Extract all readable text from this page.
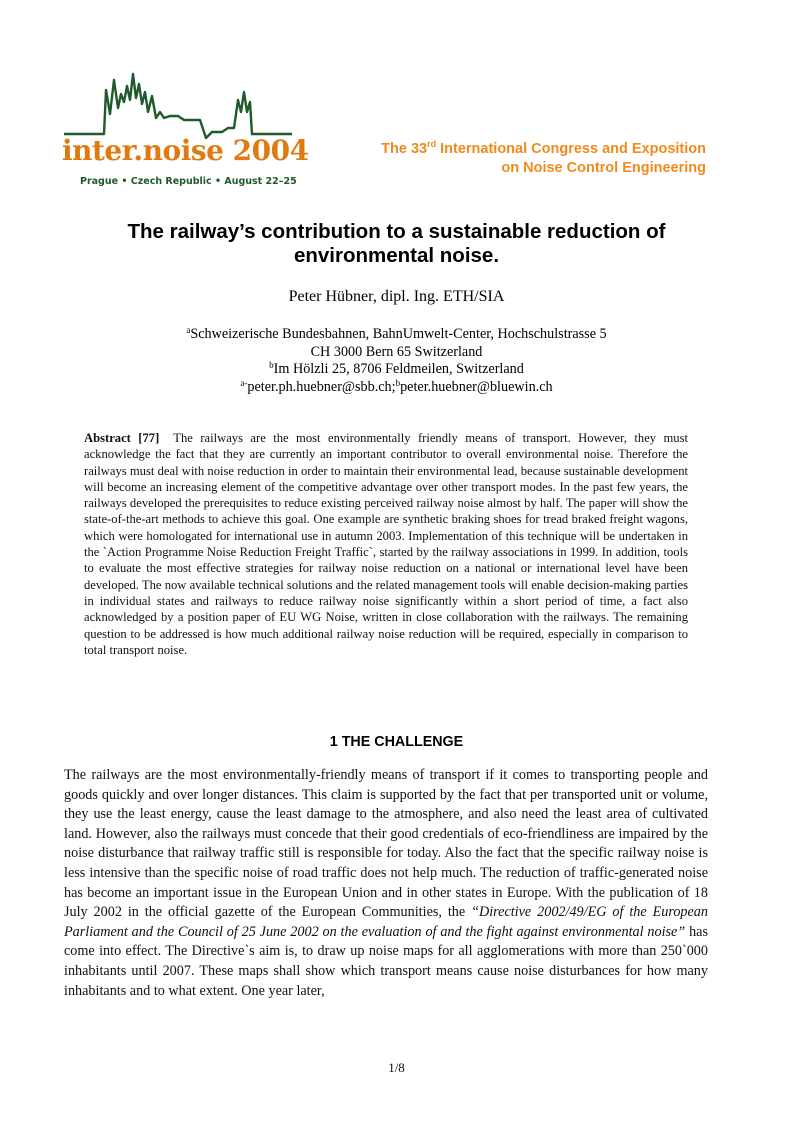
inter.noise 2004
Prague • Czech Republic • August 22–25
The 33rd International Congress and Exposition
on Noise Control Engineering
The railway’s contribution to a sustainable reduction of environmental noise.
Peter Hübner, dipl. Ing. ETH/SIA
$^a$Schweizerische Bundesbahnen, BahnUmwelt-Center, Hochschulstrasse 5
CH 3000 Bern 65 Switzerland
$^b$Im Hölzli 25, 8706 Feldmeilen, Switzerland
$^{a-}$peter.ph.huebner@sbb.ch;$^b$peter.huebner@bluewin.ch

Abstract [77] The railways are the most environmentally friendly means of transport. However, they must acknowledge the fact that they are currently an important contributor to overall environmental noise. Therefore the railways must deal with noise reduction in order to maintain their environmental lead, because sustainable development will become an increasing element of the competitive advantage over other transport modes. In the past few years, the railways developed the prerequisites to reduce existing perceived railway noise almost by half. The paper will show the state-of-the-art methods to achieve this goal. One example are synthetic braking shoes for tread braked freight wagons, which were homologated for international use in autumn 2003. Implementation of this technique will be undertaken in the `Action Programme Noise Reduction Freight Traffic`, started by the railway associations in 1999. In addition, tools to evaluate the most effective strategies for railway noise reduction on a national or international level have been developed. The now available technical solutions and the related management tools will enable decision-making parties in individual states and railways to reduce railway noise significantly within a short period of time, a fact also acknowledged by a position paper of EU WG Noise, written in close collaboration with the railways. The remaining question to be addressed is how much additional railway noise reduction will be required, especially in comparison to total transport noise.

1 THE CHALLENGE

The railways are the most environmentally-friendly means of transport if it comes to transporting people and goods quickly and over longer distances. This claim is supported by the fact that per transported unit or volume, they use the least energy, cause the least damage to the atmosphere, and also need the least area of cultivated land. However, also the railways must concede that their good credentials of eco-friendliness are impaired by the noise disturbance that railway traffic still is responsible for today. Also the fact that the specific railway noise is less intensive than the specific noise of road traffic does not help much. The reduction of traffic-generated noise has become an important issue in the European Union and in other states in Europe. With the publication of 18 July 2002 in the official gazette of the European Communities, the “Directive 2002/49/EG of the European Parliament and the Council of 25 June 2002 on the evaluation of and the fight against environmental noise” has come into effect. The Directive`s aim is, to draw up noise maps for all agglomerations with more than 250`000 inhabitants until 2007. These maps shall show which transport means cause noise disturbances for how many inhabitants and to what extent. One year later,

1/8
